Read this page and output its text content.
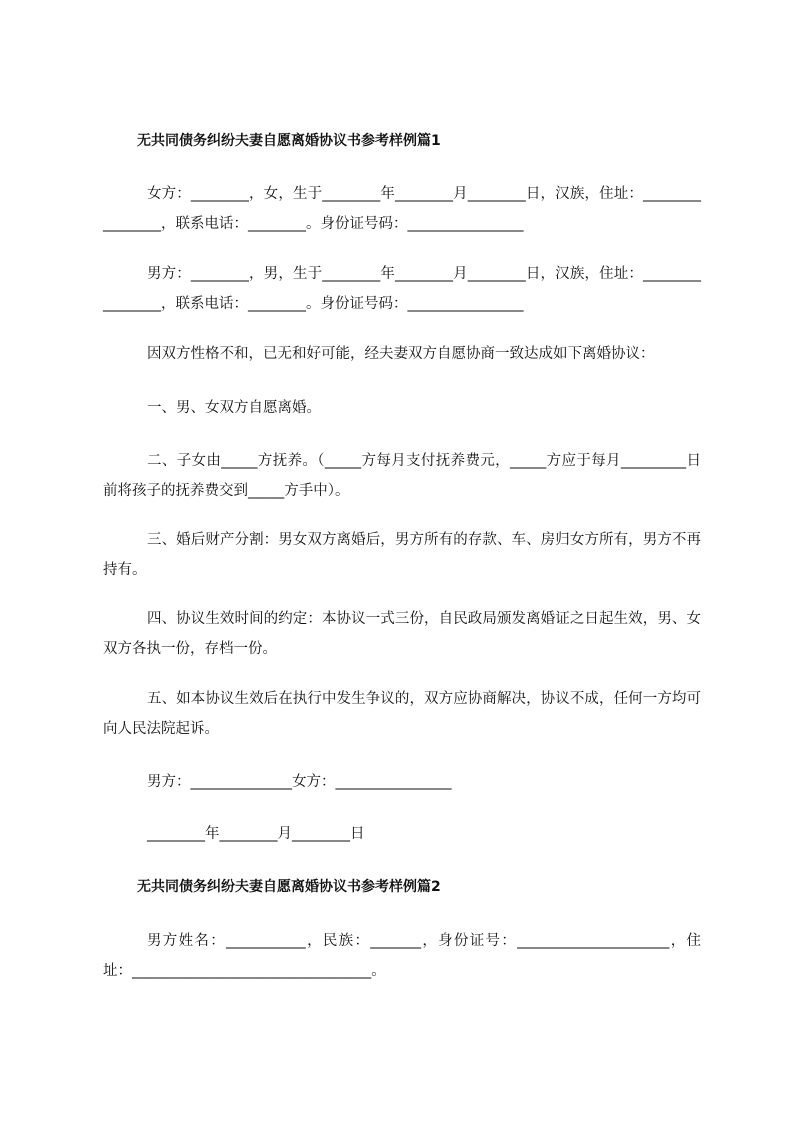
无共同债务纠纷夫妻自愿离婚协议书参考样例篇1
女方：________，女，生于________年________月________日，汉族，住址：________________，联系电话：________。身份证号码：________________
男方：________，男，生于________年________月________日，汉族，住址：________________，联系电话：________。身份证号码：________________
因双方性格不和，已无和好可能，经夫妻双方自愿协商一致达成如下离婚协议：
一、男、女双方自愿离婚。
二、子女由_____方抚养。（_____方每月支付抚养费元，_____方应于每月_________日前将孩子的抚养费交到_____方手中）。
三、婚后财产分割：男女双方离婚后，男方所有的存款、车、房归女方所有，男方不再持有。
四、协议生效时间的约定：本协议一式三份，自民政局颁发离婚证之日起生效，男、女双方各执一份，存档一份。
五、如本协议生效后在执行中发生争议的，双方应协商解决，协议不成，任何一方均可向人民法院起诉。
男方：______________女方：________________
________年________月________日
无共同债务纠纷夫妻自愿离婚协议书参考样例篇2
男方姓名：___________，民族：_______，身份证号：_____________________，住址：_________________________________。
